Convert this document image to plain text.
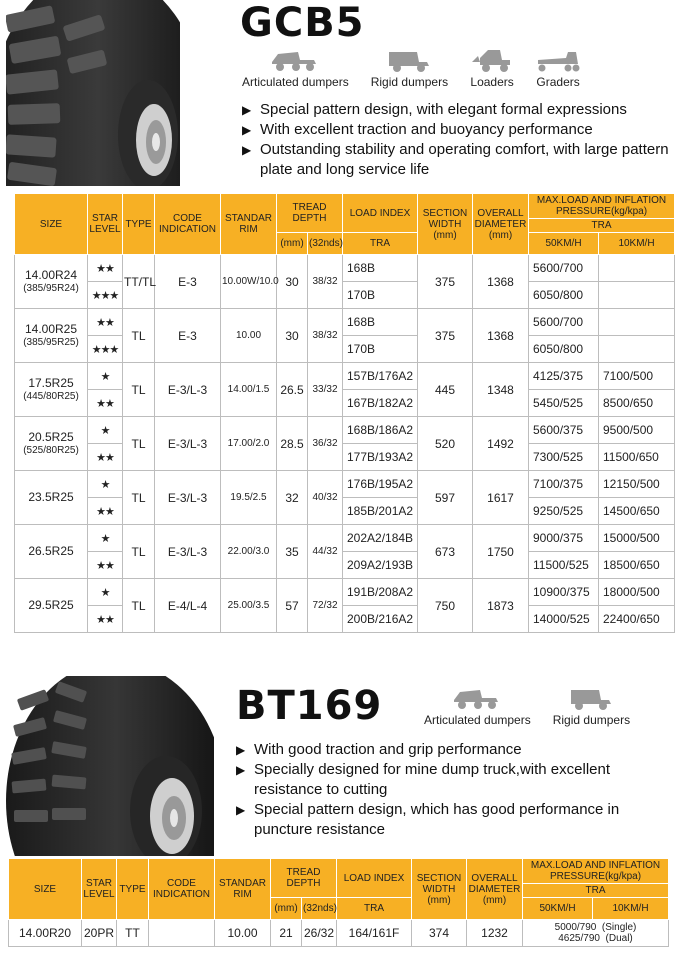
GCB5
Articulated dumpers Rigid dumpers Loaders Graders
▶ Special pattern design, with elegant formal expressions
▶ With excellent traction and buoyancy performance
▶ Outstanding stability and operating comfort, with large pattern plate and long service life
SIZE	STAR LEVEL	TYPE	CODE INDICATION	STANDAR RIM	TREAD DEPTH		LOAD INDEX	SECTION WIDTH (mm)	OVERALL DIAMETER (mm)	MAX.LOAD AND INFLATION PRESSURE(kg/kpa)	
										TRA	
					(mm)	(32nds)	TRA			50KM/H	10KM/H

14.00R24
(385/95R24)	★★	TT/TL	E-3	10.00W/10.0	30	38/32	168B	375	1368	5600/700	
	★★★						170B			6050/800	

14.00R25
(385/95R25)	★★	TL	E-3	10.00	30	38/32	168B	375	1368	5600/700	
	★★★						170B			6050/800	

17.5R25
(445/80R25)	★	TL	E-3/L-3	14.00/1.5	26.5	33/32	157B/176A2	445	1348	4125/375	7100/500
	★★						167B/182A2			5450/525	8500/650

20.5R25
(525/80R25)	★	TL	E-3/L-3	17.00/2.0	28.5	36/32	168B/186A2	520	1492	5600/375	9500/500
	★★						177B/193A2			7300/525	11500/650

23.5R25	★	TL	E-3/L-3	19.5/2.5	32	40/32	176B/195A2	597	1617	7100/375	12150/500
	★★						185B/201A2			9250/525	14500/650

26.5R25	★	TL	E-3/L-3	22.00/3.0	35	44/32	202A2/184B	673	1750	9000/375	15000/500
	★★						209A2/193B			11500/525	18500/650

29.5R25	★	TL	E-4/L-4	25.00/3.5	57	72/32	191B/208A2	750	1873	10900/375	18000/500
	★★						200B/216A2			14000/525	22400/650
BT169	Articulated dumpers Rigid dumpers
▶ With good traction and grip performance
▶ Specially designed for mine dump truck,with excellent resistance to cutting
▶ Special pattern design, which has good performance in puncture resistance
SIZE	STAR LEVEL	TYPE	CODE INDICATION	STANDAR RIM	TREAD DEPTH		LOAD INDEX	SECTION WIDTH (mm)	OVERALL DIAMETER (mm)	MAX.LOAD AND INFLATION PRESSURE(kg/kpa)	
										TRA	
					(mm)	(32nds)	TRA			50KM/H	10KM/H
14.00R20	20PR	TT		10.00	21	26/32	164/161F	374	1232	5000/790  (Single)
4625/790  (Dual)	
